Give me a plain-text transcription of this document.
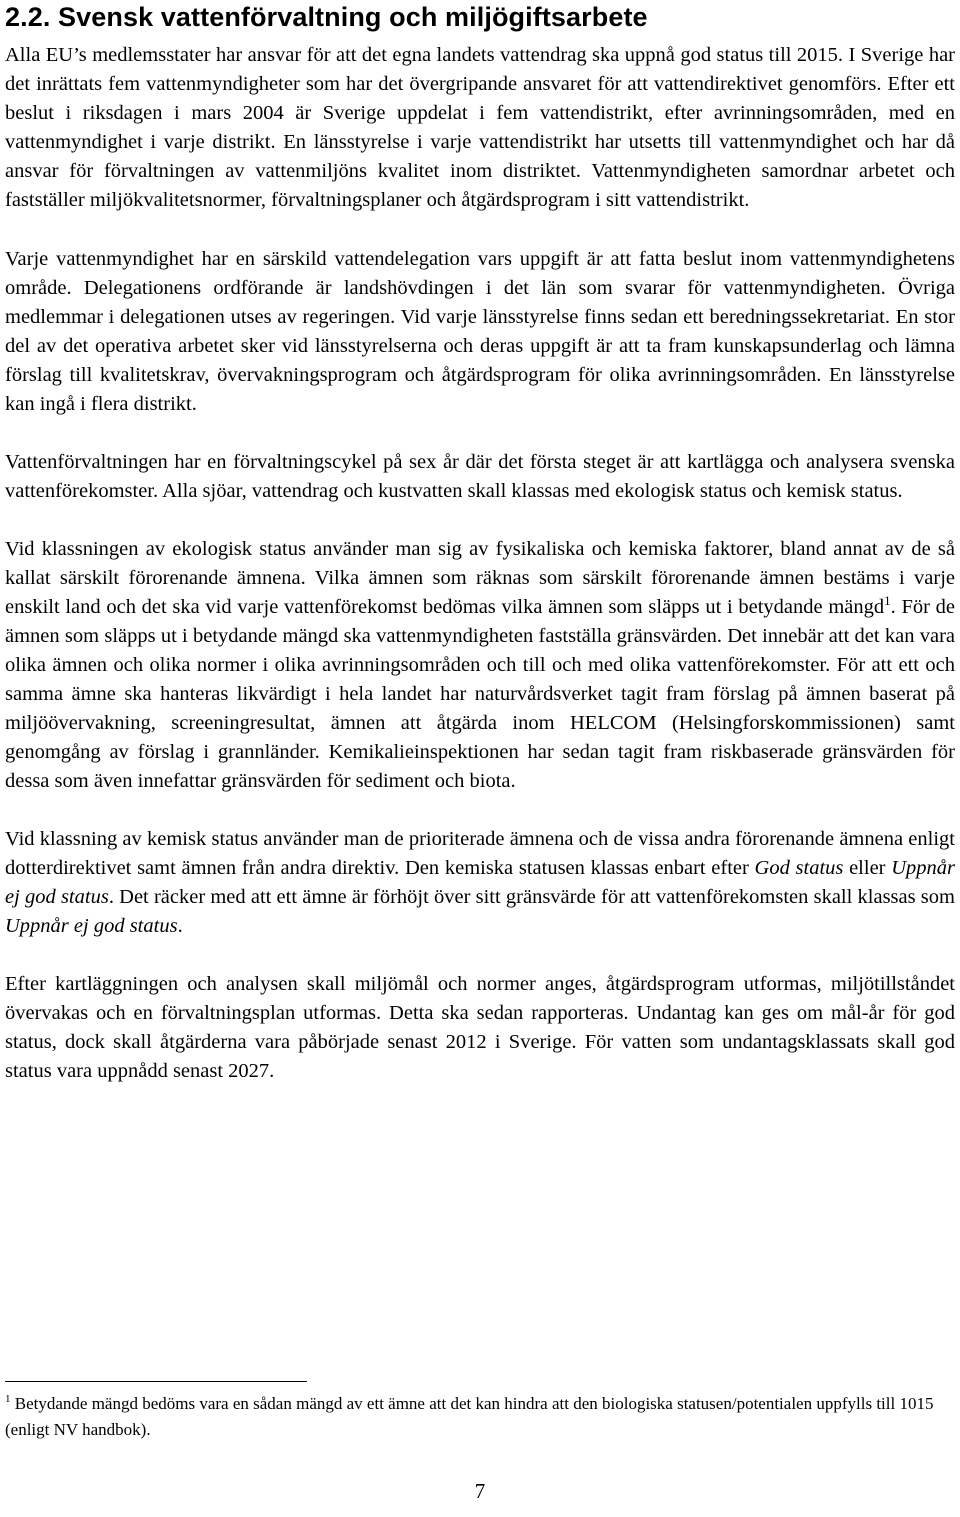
2.2. Svensk vattenförvaltning och miljögiftsarbete

Alla EU’s medlemsstater har ansvar för att det egna landets vattendrag ska uppnå god status till 2015. I Sverige har det inrättats fem vattenmyndigheter som har det övergripande ansvaret för att vattendirektivet genomförs. Efter ett beslut i riksdagen i mars 2004 är Sverige uppdelat i fem vattendistrikt, efter avrinningsområden, med en vattenmyndighet i varje distrikt. En länsstyrelse i varje vattendistrikt har utsetts till vattenmyndighet och har då ansvar för förvaltningen av vattenmiljöns kvalitet inom distriktet. Vattenmyndigheten samordnar arbetet och fastställer miljökvalitetsnormer, förvaltningsplaner och åtgärdsprogram i sitt vattendistrikt.

Varje vattenmyndighet har en särskild vattendelegation vars uppgift är att fatta beslut inom vattenmyndighetens område. Delegationens ordförande är landshövdingen i det län som svarar för vattenmyndigheten. Övriga medlemmar i delegationen utses av regeringen. Vid varje länsstyrelse finns sedan ett beredningssekretariat. En stor del av det operativa arbetet sker vid länsstyrelserna och deras uppgift är att ta fram kunskapsunderlag och lämna förslag till kvalitetskrav, övervakningsprogram och åtgärdsprogram för olika avrinningsområden. En länsstyrelse kan ingå i flera distrikt.

Vattenförvaltningen har en förvaltningscykel på sex år där det första steget är att kartlägga och analysera svenska vattenförekomster. Alla sjöar, vattendrag och kustvatten skall klassas med ekologisk status och kemisk status.

Vid klassningen av ekologisk status använder man sig av fysikaliska och kemiska faktorer, bland annat av de så kallat särskilt förorenande ämnena. Vilka ämnen som räknas som särskilt förorenande ämnen bestäms i varje enskilt land och det ska vid varje vattenförekomst bedömas vilka ämnen som släpps ut i betydande mängd$^1$. För de ämnen som släpps ut i betydande mängd ska vattenmyndigheten fastställa gränsvärden. Det innebär att det kan vara olika ämnen och olika normer i olika avrinningsområden och till och med olika vattenförekomster. För att ett och samma ämne ska hanteras likvärdigt i hela landet har naturvårdsverket tagit fram förslag på ämnen baserat på miljöövervakning, screeningresultat, ämnen att åtgärda inom HELCOM (Helsingforskommissionen) samt genomgång av förslag i grannländer. Kemikalieinspektionen har sedan tagit fram riskbaserade gränsvärden för dessa som även innefattar gränsvärden för sediment och biota.

Vid klassning av kemisk status använder man de prioriterade ämnena och de vissa andra förorenande ämnena enligt dotterdirektivet samt ämnen från andra direktiv. Den kemiska statusen klassas enbart efter God status eller Uppnår ej god status. Det räcker med att ett ämne är förhöjt över sitt gränsvärde för att vattenförekomsten skall klassas som Uppnår ej god status.

Efter kartläggningen och analysen skall miljömål och normer anges, åtgärdsprogram utformas, miljötillståndet övervakas och en förvaltningsplan utformas. Detta ska sedan rapporteras. Undantag kan ges om mål-år för god status, dock skall åtgärderna vara påbörjade senast 2012 i Sverige. För vatten som undantagsklassats skall god status vara uppnådd senast 2027.

$^1$ Betydande mängd bedöms vara en sådan mängd av ett ämne att det kan hindra att den biologiska statusen/potentialen uppfylls till 1015 (enligt NV handbok).
7
